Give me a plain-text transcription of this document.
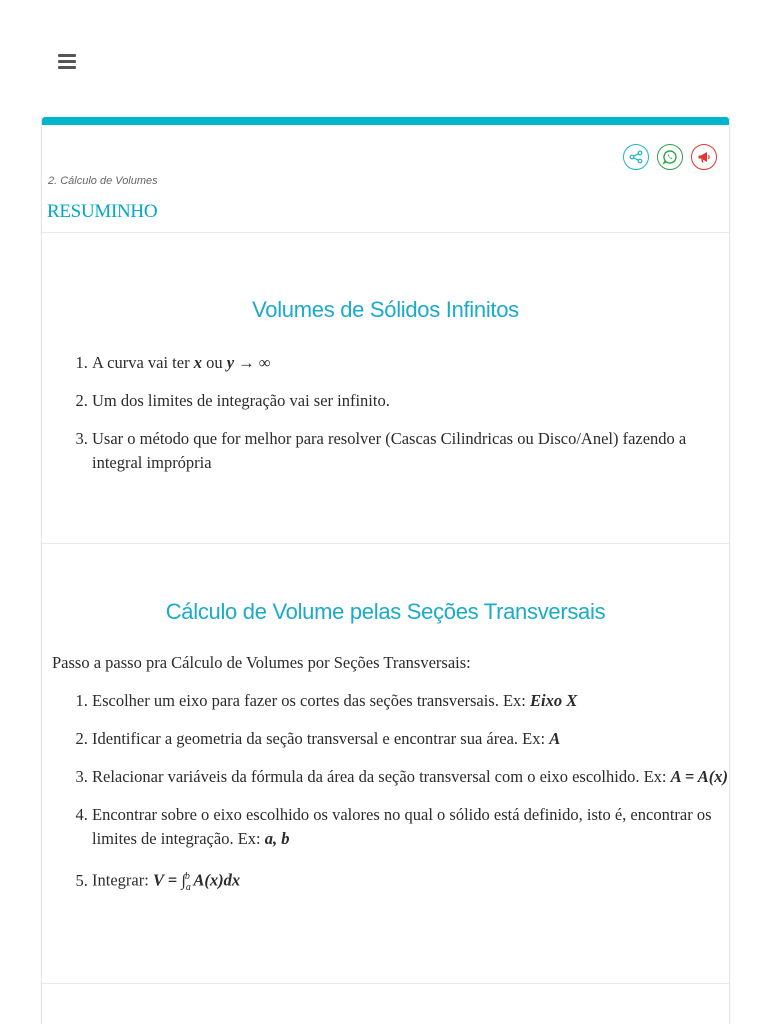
2. Cálculo de Volumes
RESUMINHO
Volumes de Sólidos Infinitos
1. A curva vai ter x ou y → ∞
2. Um dos limites de integração vai ser infinito.
3. Usar o método que for melhor para resolver (Cascas Cilindricas ou Disco/Anel) fazendo a integral imprópria
Cálculo de Volume pelas Seções Transversais
Passo a passo pra Cálculo de Volumes por Seções Transversais:
1. Escolher um eixo para fazer os cortes das seções transversais. Ex: Eixo X
2. Identificar a geometria da seção transversal e encontrar sua área. Ex: A
3. Relacionar variáveis da fórmula da área da seção transversal com o eixo escolhido. Ex: A = A(x)
4. Encontrar sobre o eixo escolhido os valores no qual o sólido está definido, isto é, encontrar os limites de integração. Ex: a, b
5. Integrar: $V = \int_a^b$ A(x)dx
